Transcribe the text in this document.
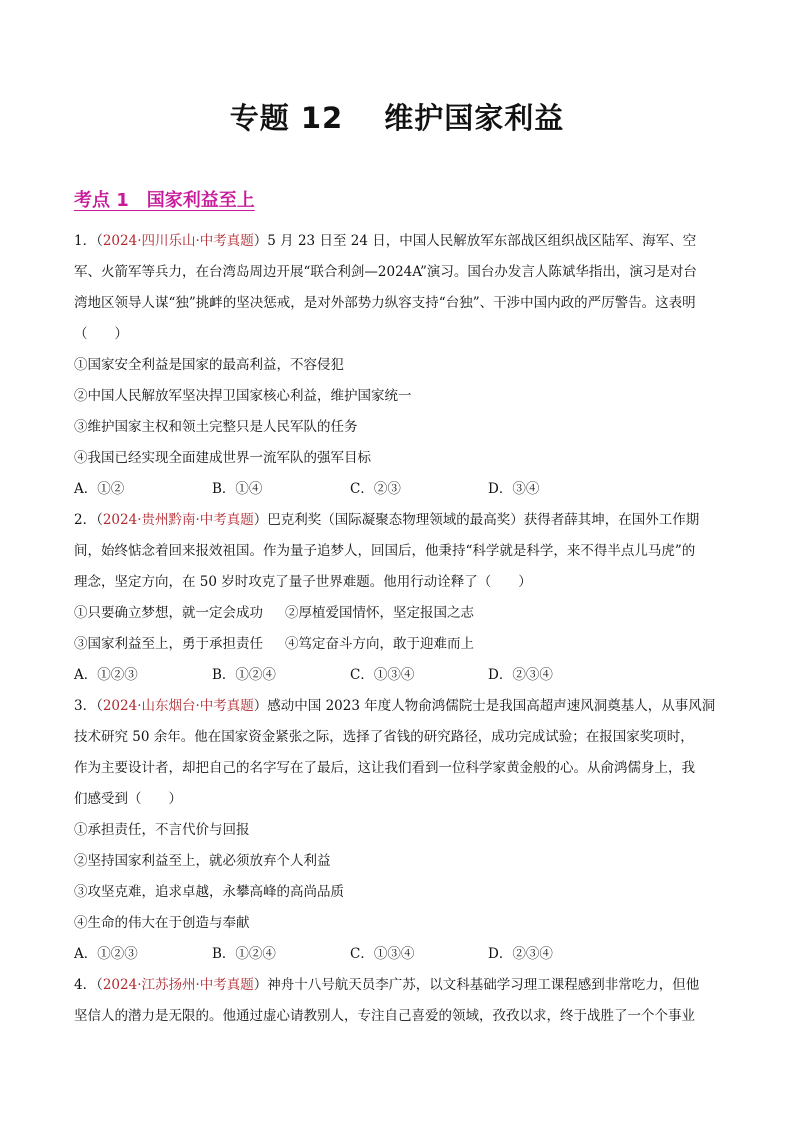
专题 12　 维护国家利益
考点 1　国家利益至上
1．（2024·四川乐山·中考真题）5 月 23 日至 24 日，中国人民解放军东部战区组织战区陆军、海军、空
军、火箭军等兵力，在台湾岛周边开展“联合利剑—2024A”演习。国台办发言人陈斌华指出，演习是对台
湾地区领导人谋“独”挑衅的坚决惩戒，是对外部势力纵容支持“台独”、干涉中国内政的严厉警告。这表明
（　　）
①国家安全利益是国家的最高利益，不容侵犯
②中国人民解放军坚决捍卫国家核心利益，维护国家统一
③维护国家主权和领土完整只是人民军队的任务
④我国已经实现全面建成世界一流军队的强军目标
A．①②	B．①④	C．②③	D．③④
2．（2024·贵州黔南·中考真题）巴克利奖（国际凝聚态物理领域的最高奖）获得者薛其坤，在国外工作期
间，始终惦念着回来报效祖国。作为量子追梦人，回国后，他秉持“科学就是科学，来不得半点儿马虎”的
理念，坚定方向，在 50 岁时攻克了量子世界难题。他用行动诠释了（　　）
①只要确立梦想，就一定会成功 ②厚植爱国情怀，坚定报国之志
③国家利益至上，勇于承担责任 ④笃定奋斗方向，敢于迎难而上
A．①②③	B．①②④	C．①③④	D．②③④
3．（2024·山东烟台·中考真题）感动中国 2023 年度人物俞鸿儒院士是我国高超声速风洞奠基人，从事风洞
技术研究 50 余年。他在国家资金紧张之际，选择了省钱的研究路径，成功完成试验；在报国家奖项时，
作为主要设计者，却把自己的名字写在了最后，这让我们看到一位科学家黄金般的心。从俞鸿儒身上，我
们感受到（　　）
①承担责任，不言代价与回报
②坚持国家利益至上，就必须放弃个人利益
③攻坚克难，追求卓越，永攀高峰的高尚品质
④生命的伟大在于创造与奉献
A．①②③	B．①②④	C．①③④	D．②③④
4．（2024·江苏扬州·中考真题）神舟十八号航天员李广苏，以文科基础学习理工课程感到非常吃力，但他
坚信人的潜力是无限的。他通过虚心请教别人，专注自己喜爱的领域，孜孜以求，终于战胜了一个个事业
